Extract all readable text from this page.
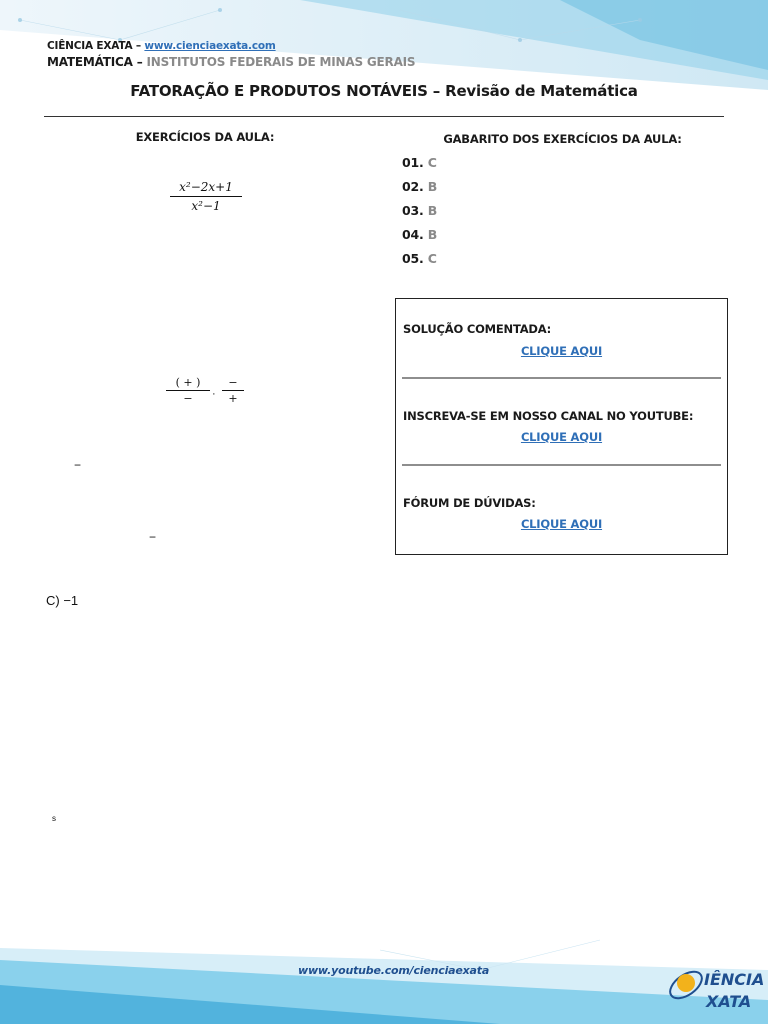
CIÊNCIA EXATA – www.cienciaexata.com
MATEMÁTICA – INSTITUTOS FEDERAIS DE MINAS GERAIS
FATORAÇÃO E PRODUTOS NOTÁVEIS – Revisão de Matemática
EXERCÍCIOS DA AULA:	GABARITO DOS EXERCÍCIOS DA AULA:
x²−2x+1
x²−1
( + )
−	·
−
+
−
−
C) −1
s
01. C
02. B
03. B
04. B
05. C
SOLUÇÃO COMENTADA:
CLIQUE AQUI
INSCREVA-SE EM NOSSO CANAL NO YOUTUBE:
CLIQUE AQUI
FÓRUM DE DÚVIDAS:
CLIQUE AQUI
www.youtube.com/cienciaexata	IÊNCIA
XATA
